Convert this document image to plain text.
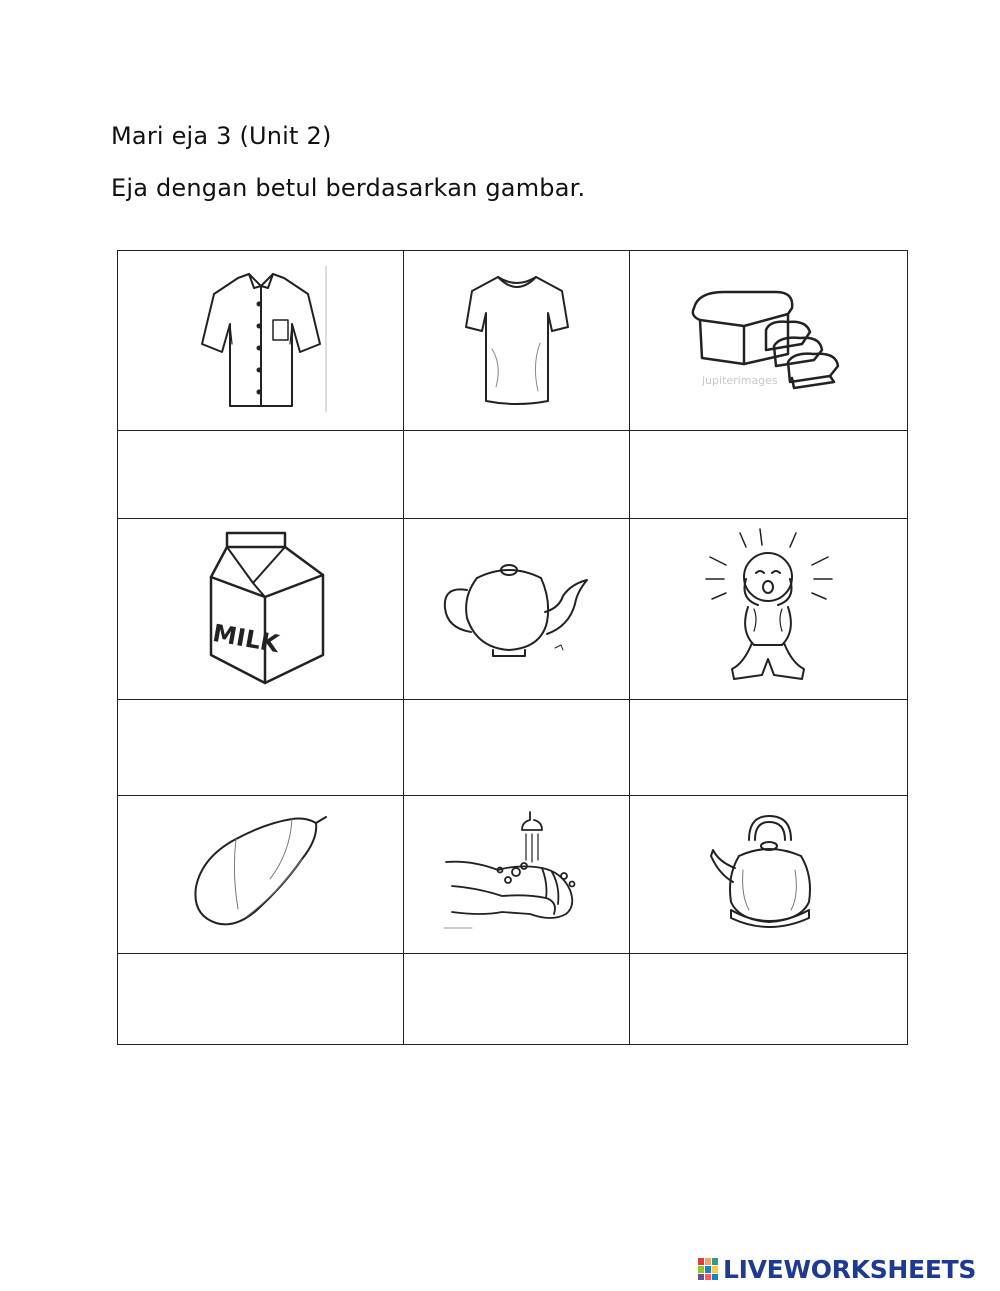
Mari eja 3 (Unit 2)
Eja dengan betul berdasarkan gambar.

jupiterimages

MILK

LIVEWORKSHEETS
